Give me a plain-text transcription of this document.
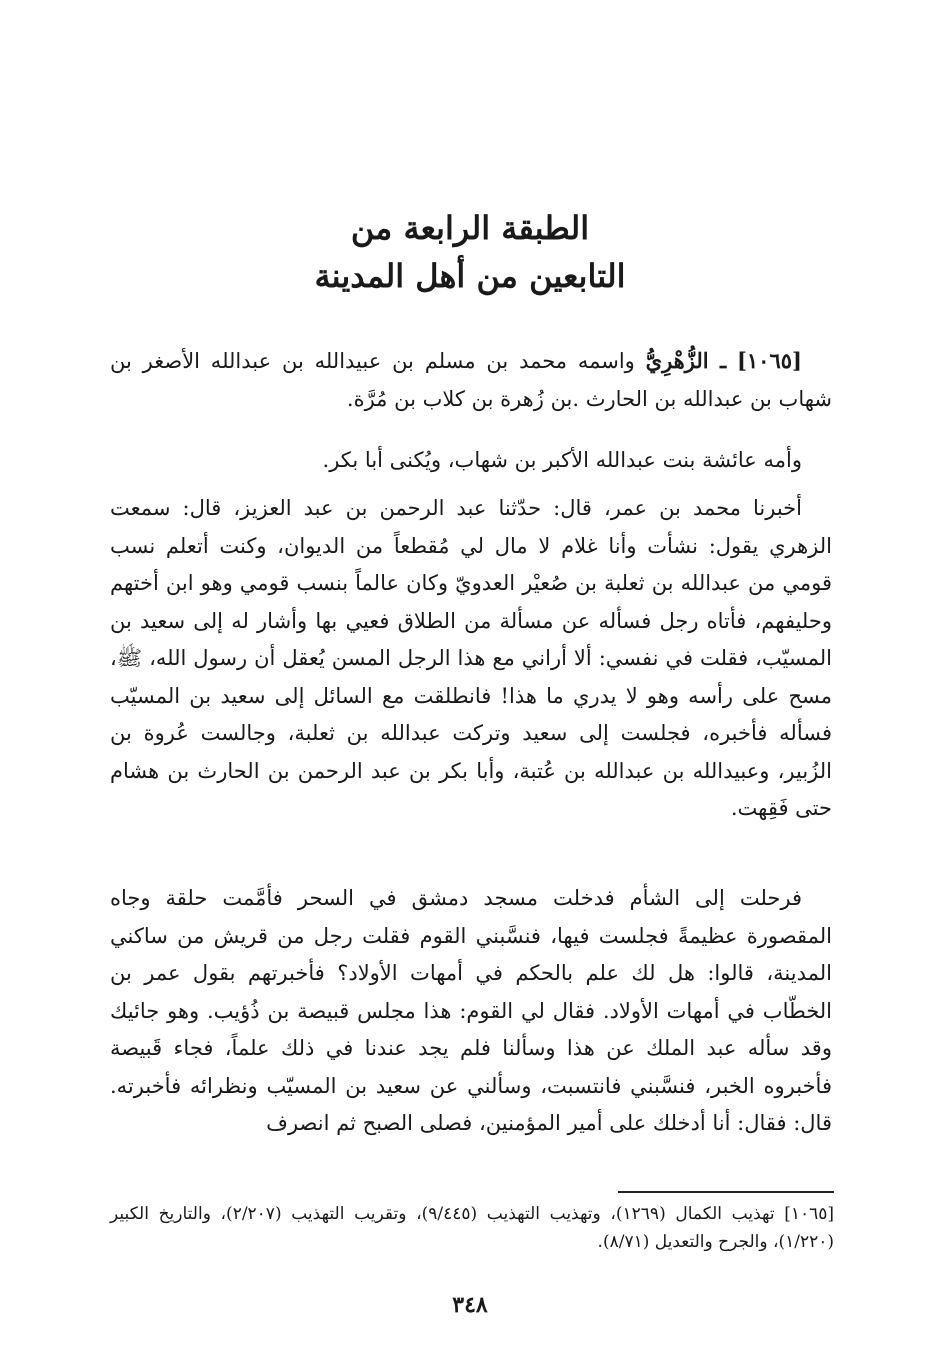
الطبقة الرابعة من
التابعين من أهل المدينة

[١٠٦٥] ـ الزُّهْرِيُّ واسمه محمد بن مسلم بن عبيدالله بن عبدالله الأصغر بن شهاب بن عبدالله بن الحارث .بن زُهرة بن كلاب بن مُرَّة.

وأمه عائشة بنت عبدالله الأكبر بن شهاب، ويُكنى أبا بكر.

أخبرنا محمد بن عمر، قال: حدّثنا عبد الرحمن بن عبد العزيز، قال: سمعت الزهري يقول: نشأت وأنا غلام لا مال لي مُقطعاً من الديوان، وكنت أتعلم نسب قومي من عبدالله بن ثعلبة بن صُعيْر العدويّ وكان عالماً بنسب قومي وهو ابن أختهم وحليفهم، فأتاه رجل فسأله عن مسألة من الطلاق فعيي بها وأشار له إلى سعيد بن المسيّب، فقلت في نفسي: ألا أراني مع هذا الرجل المسن يُعقل أن رسول الله، ﷺ، مسح على رأسه وهو لا يدري ما هذا! فانطلقت مع السائل إلى سعيد بن المسيّب فسأله فأخبره، فجلست إلى سعيد وتركت عبدالله بن ثعلبة، وجالست عُروة بن الزُبير، وعبيدالله بن عبدالله بن عُتبة، وأبا بكر بن عبد الرحمن بن الحارث بن هشام حتى فَقِهت.

فرحلت إلى الشأم فدخلت مسجد دمشق في السحر فأمَّمت حلقة وجاه المقصورة عظيمةً فجلست فيها، فنسَّبني القوم فقلت رجل من قريش من ساكني المدينة، قالوا: هل لك علم بالحكم في أمهات الأولاد؟ فأخبرتهم بقول عمر بن الخطّاب في أمهات الأولاد. فقال لي القوم: هذا مجلس قبيصة بن ذُؤيب. وهو جائيك وقد سأله عبد الملك عن هذا وسألنا فلم يجد عندنا في ذلك علماً، فجاء قَبيصة فأخبروه الخبر، فنسَّبني فانتسبت، وسألني عن سعيد بن المسيّب ونظرائه فأخبرته. قال: فقال: أنا أدخلك على أمير المؤمنين، فصلى الصبح ثم انصرف

[١٠٦٥] تهذيب الكمال (١٢٦٩)، وتهذيب التهذيب (٩/٤٤٥)، وتقريب التهذيب (٢/٢٠٧)، والتاريخ الكبير (١/٢٢٠)، والجرح والتعديل (٨/٧١).

٣٤٨
